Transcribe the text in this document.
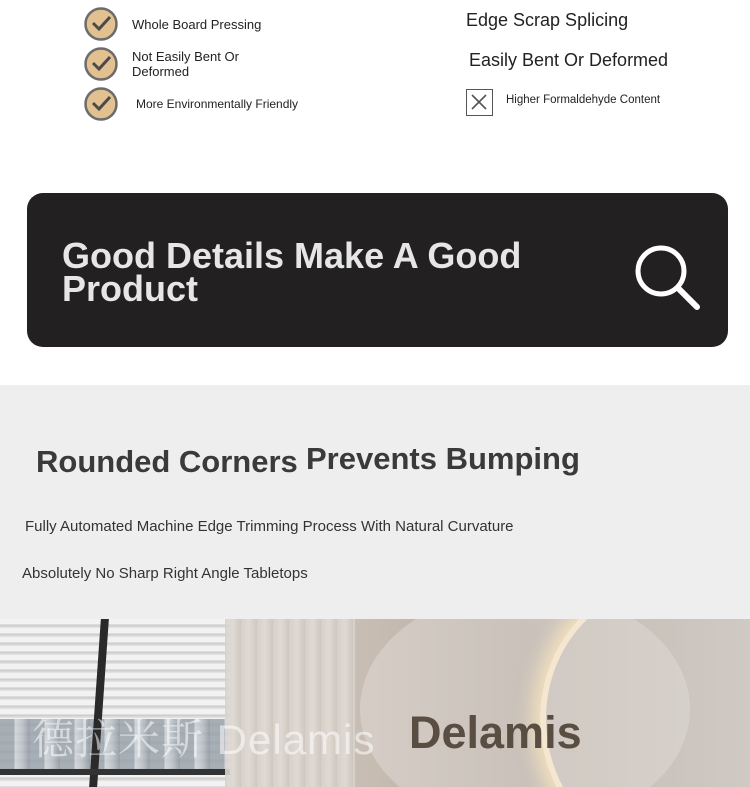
Whole Board Pressing
Not Easily Bent Or Deformed
More Environmentally Friendly
Edge Scrap Splicing
Easily Bent Or Deformed
Higher Formaldehyde Content
Good Details Make A Good Product
Rounded Corners Prevents Bumping

Fully Automated Machine Edge Trimming Process With Natural Curvature

Absolutely No Sharp Right Angle Tabletops

德拉米斯 Delamis Delamis
